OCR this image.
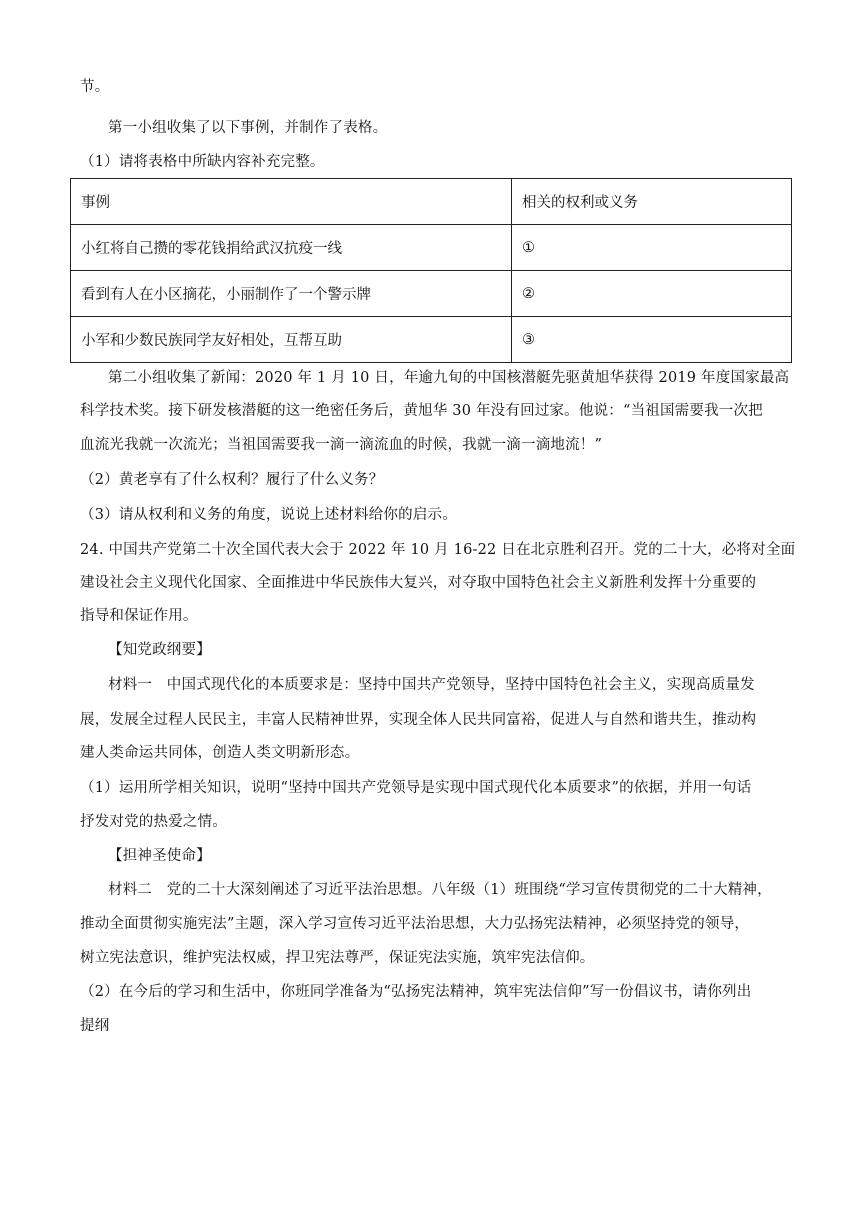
节。
第一小组收集了以下事例，并制作了表格。
（1）请将表格中所缺内容补充完整。
事例	相关的权利或义务
小红将自己攒的零花钱捐给武汉抗疫一线	①
看到有人在小区摘花，小丽制作了一个警示牌	②
小军和少数民族同学友好相处，互帮互助	③
第二小组收集了新闻：2020 年 1 月 10 日，年逾九旬的中国核潜艇先驱黄旭华获得 2019 年度国家最高
科学技术奖。接下研发核潜艇的这一绝密任务后，黄旭华 30 年没有回过家。他说：“当祖国需要我一次把
血流光我就一次流光；当祖国需要我一滴一滴流血的时候，我就一滴一滴地流！”
（2）黄老享有了什么权利？履行了什么义务？
（3）请从权利和义务的角度，说说上述材料给你的启示。
24. 中国共产党第二十次全国代表大会于 2022 年 10 月 16-22 日在北京胜利召开。党的二十大，必将对全面
建设社会主义现代化国家、全面推进中华民族伟大复兴，对夺取中国特色社会主义新胜利发挥十分重要的
指导和保证作用。
【知党政纲要】
材料一　中国式现代化的本质要求是：坚持中国共产党领导，坚持中国特色社会主义，实现高质量发
展，发展全过程人民民主，丰富人民精神世界，实现全体人民共同富裕，促进人与自然和谐共生，推动构
建人类命运共同体，创造人类文明新形态。
（1）运用所学相关知识，说明“坚持中国共产党领导是实现中国式现代化本质要求”的依据，并用一句话
抒发对党的热爱之情。
【担神圣使命】
材料二　党的二十大深刻阐述了习近平法治思想。八年级（1）班围绕“学习宣传贯彻党的二十大精神，
推动全面贯彻实施宪法”主题，深入学习宣传习近平法治思想，大力弘扬宪法精神，必须坚持党的领导，
树立宪法意识，维护宪法权威，捍卫宪法尊严，保证宪法实施，筑牢宪法信仰。
（2）在今后的学习和生活中，你班同学准备为“弘扬宪法精神，筑牢宪法信仰”写一份倡议书，请你列出
提纲
